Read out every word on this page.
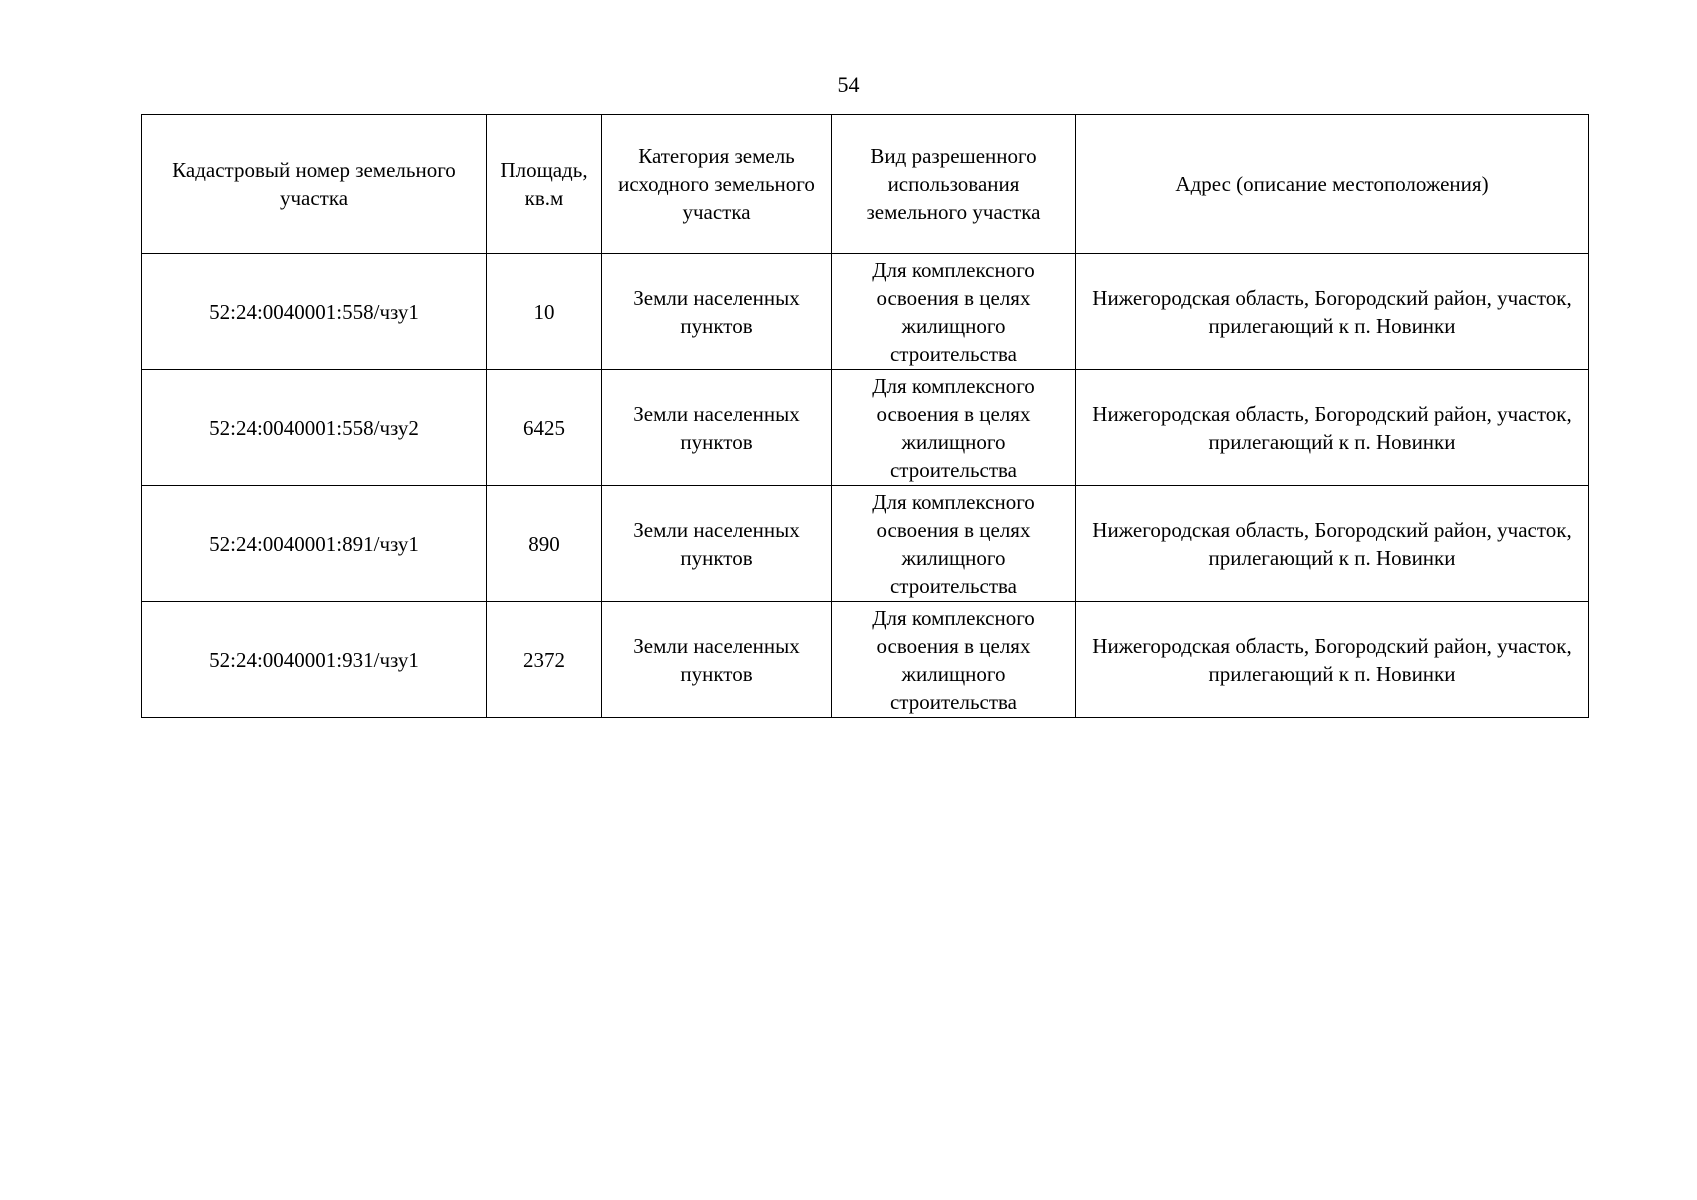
54
Кадастровый номер земельного участка	Площадь, кв.м	Категория земель исходного земельного участка	Вид разрешенного использования земельного участка	Адрес (описание местоположения)
52:24:0040001:558/чзу1	10	Земли населенных пунктов	Для комплексного освоения в целях жилищного строительства	Нижегородская область, Богородский район, участок, прилегающий к п. Новинки
52:24:0040001:558/чзу2	6425	Земли населенных пунктов	Для комплексного освоения в целях жилищного строительства	Нижегородская область, Богородский район, участок, прилегающий к п. Новинки
52:24:0040001:891/чзу1	890	Земли населенных пунктов	Для комплексного освоения в целях жилищного строительства	Нижегородская область, Богородский район, участок, прилегающий к п. Новинки
52:24:0040001:931/чзу1	2372	Земли населенных пунктов	Для комплексного освоения в целях жилищного строительства	Нижегородская область, Богородский район, участок, прилегающий к п. Новинки
